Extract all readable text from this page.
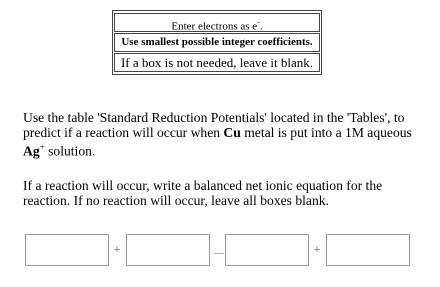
Enter electrons as e-.
Use smallest possible integer coefficients.
If a box is not needed, leave it blank.
Use the table 'Standard Reduction Potentials' located in the 'Tables', to predict if a reaction will occur when Cu metal is put into a 1M aqueous Ag+ solution.
If a reaction will occur, write a balanced net ionic equation for the reaction. If no reaction will occur, leave all boxes blank.
+	+
